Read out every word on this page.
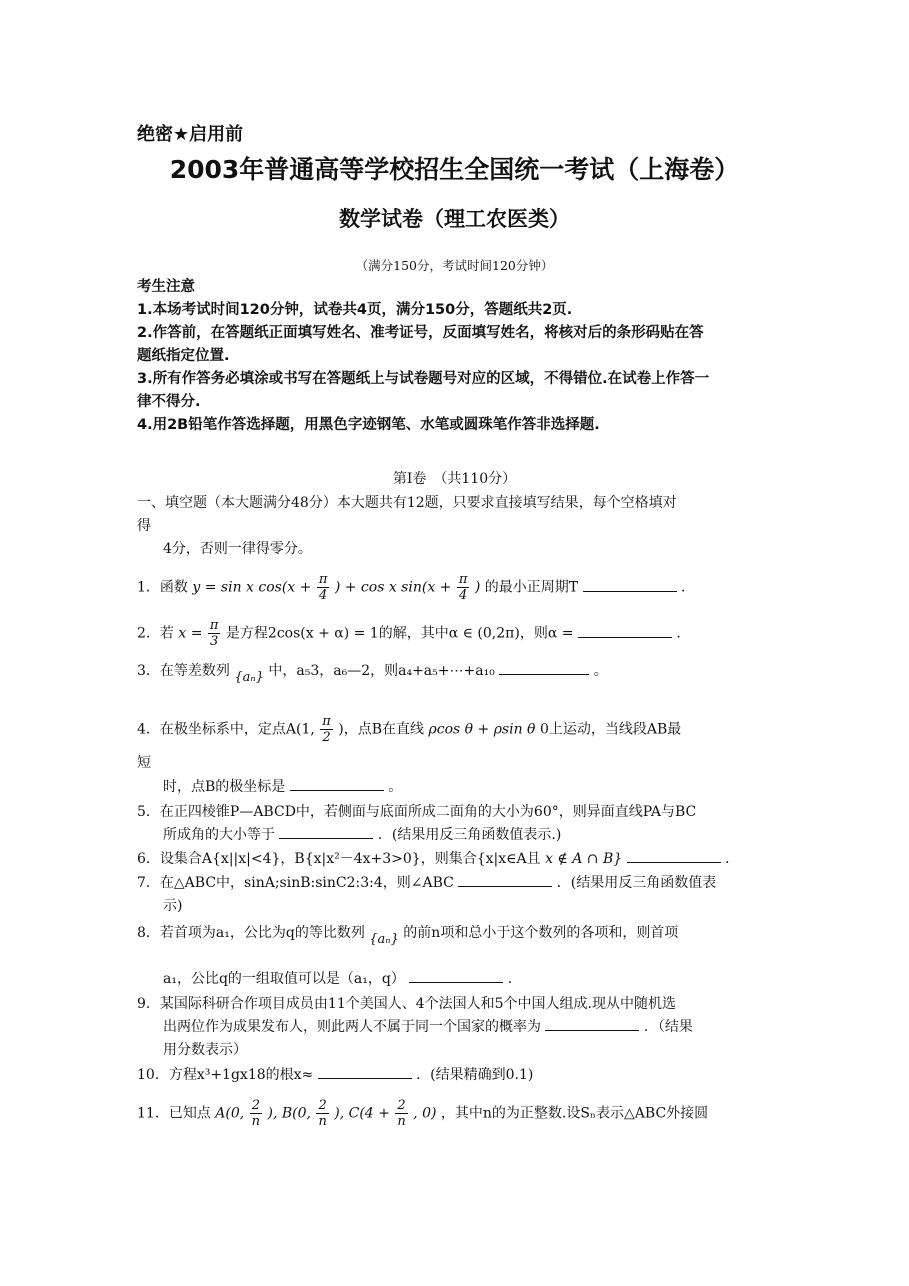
绝密★启用前
2003年普通高等学校招生全国统一考试（上海卷）
数学试卷（理工农医类）
（满分150分，考试时间120分钟）
考生注意
1.本场考试时间120分钟，试卷共4页，满分150分，答题纸共2页.
2.作答前，在答题纸正面填写姓名、准考证号，反面填写姓名，将核对后的条形码贴在答
题纸指定位置.
3.所有作答务必填涂或书写在答题纸上与试卷题号对应的区域，不得错位.在试卷上作答一
律不得分.
4.用2B铅笔作答选择题，用黑色字迹钢笔、水笔或圆珠笔作答非选择题.
第Ⅰ卷　（共110分）
一、填空题（本大题满分48分）本大题共有12题，只要求直接填写结果，每个空格填对
得
4分，否则一律得零分。
1．函数 y = sin x $\cos(x + \frac{\pi}{4}$ ) + cos x $\sin(x + \frac{\pi}{4}$ ) 的最小正周期T	．
2．若 $x = \frac{\pi}{3}$ 是方程2cos(x + α) = 1的解，其中α ∈ (0,2π)，则α =	．
3．在等差数列 {aₙ} 中，a₅3，a₆—2，则a₄+a₅+⋯+a₁₀	。
4．在极坐标系中，定点A(1, $\frac{\pi}{2}$ )，点B在直线 ρcos θ + ρsin θ 0上运动，当线段AB最
短
时，点B的极坐标是	。
5．在正四棱锥P—ABCD中，若侧面与底面所成二面角的大小为60°，则异面直线PA与BC
所成角的大小等于	．(结果用反三角函数值表示.)
6．设集合A{x||x|<4}，B{x|x²－4x+3>0}，则集合{x|x∈A且 x ∉ A ∩ B}	．
7．在△ABC中，sinA;sinB:sinC2:3:4，则∠ABC	．(结果用反三角函数值表
示)
8．若首项为a₁，公比为q的等比数列 {aₙ} 的前n项和总小于这个数列的各项和，则首项
a₁，公比q的一组取值可以是（a₁，q）	．
9．某国际科研合作项目成员由11个美国人、4个法国人和5个中国人组成.现从中随机选
出两位作为成果发布人，则此两人不属于同一个国家的概率为	．（结果
用分数表示）
10．方程x³+1gx18的根x≈	．(结果精确到0.1)
11．已知点 A(0, $\frac{2}{n}$ ), B(0, $\frac{2}{n}$ ), $C(4 + \frac{2}{n}$ , 0) ，其中n的为正整数.设Sₙ表示△ABC外接圆
